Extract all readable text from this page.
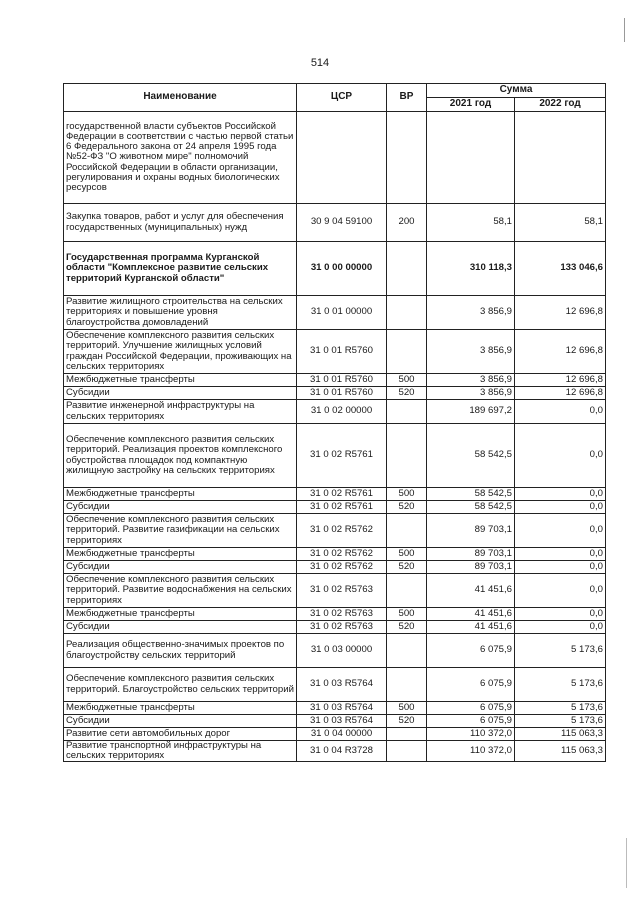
514
Наименование	ЦСР	ВР	Сумма	
			2021 год	2022 год
государственной власти субъектов Российской Федерации в соответствии с частью первой статьи 6 Федерального закона от 24 апреля 1995 года №52-ФЗ "О животном мире" полномочий Российской Федерации в области организации, регулирования и охраны водных биологических ресурсов				
Закупка товаров, работ и услуг для обеспечения государственных (муниципальных) нужд	30 9 04 59100	200	58,1	58,1
Государственная программа Курганской области "Комплексное развитие сельских территорий Курганской области"	31 0 00 00000		310 118,3	133 046,6
Развитие жилищного строительства на сельских территориях и повышение уровня благоустройства домовладений	31 0 01 00000		3 856,9	12 696,8
Обеспечение комплексного развития сельских территорий. Улучшение жилищных условий граждан Российской Федерации, проживающих на сельских территориях	31 0 01 R5760		3 856,9	12 696,8
Межбюджетные трансферты	31 0 01 R5760	500	3 856,9	12 696,8
Субсидии	31 0 01 R5760	520	3 856,9	12 696,8
Развитие инженерной инфраструктуры на сельских территориях	31 0 02 00000		189 697,2	0,0
Обеспечение комплексного развития сельских территорий. Реализация проектов комплексного обустройства площадок под компактную жилищную застройку на сельских территориях	31 0 02 R5761		58 542,5	0,0
Межбюджетные трансферты	31 0 02 R5761	500	58 542,5	0,0
Субсидии	31 0 02 R5761	520	58 542,5	0,0
Обеспечение комплексного развития сельских территорий. Развитие газификации на сельских территориях	31 0 02 R5762		89 703,1	0,0
Межбюджетные трансферты	31 0 02 R5762	500	89 703,1	0,0
Субсидии	31 0 02 R5762	520	89 703,1	0,0
Обеспечение комплексного развития сельских территорий. Развитие водоснабжения на сельских территориях	31 0 02 R5763		41 451,6	0,0
Межбюджетные трансферты	31 0 02 R5763	500	41 451,6	0,0
Субсидии	31 0 02 R5763	520	41 451,6	0,0
Реализация общественно-значимых проектов по благоустройству сельских территорий	31 0 03 00000		6 075,9	5 173,6
Обеспечение комплексного развития сельских территорий. Благоустройство сельских территорий	31 0 03 R5764		6 075,9	5 173,6
Межбюджетные трансферты	31 0 03 R5764	500	6 075,9	5 173,6
Субсидии	31 0 03 R5764	520	6 075,9	5 173,6
Развитие сети автомобильных дорог	31 0 04 00000		110 372,0	115 063,3
Развитие транспортной инфраструктуры на сельских территориях	31 0 04 R3728		110 372,0	115 063,3
